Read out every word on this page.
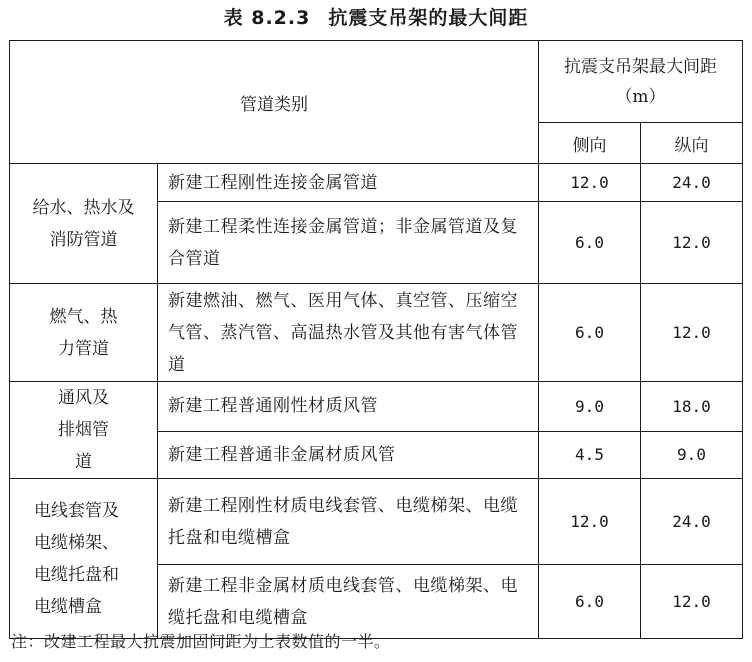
表 8.2.3 抗震支吊架的最大间距
管道类别		抗震支吊架最大间距（m）	
		侧向	纵向
给水、热水及消防管道	新建工程刚性连接金属管道	12.0	24.0
	新建工程柔性连接金属管道；非金属管道及复合管道	6.0	12.0
燃气、热力管道	新建燃油、燃气、医用气体、真空管、压缩空气管、蒸汽管、高温热水管及其他有害气体管道	6.0	12.0
通风及排烟管道	新建工程普通刚性材质风管	9.0	18.0
	新建工程普通非金属材质风管	4.5	9.0
电线套管及电缆梯架、电缆托盘和电缆槽盒	新建工程刚性材质电线套管、电缆梯架、电缆托盘和电缆槽盒	12.0	24.0
	新建工程非金属材质电线套管、电缆梯架、电缆托盘和电缆槽盒	6.0	12.0
注：改建工程最大抗震加固间距为上表数值的一半。
